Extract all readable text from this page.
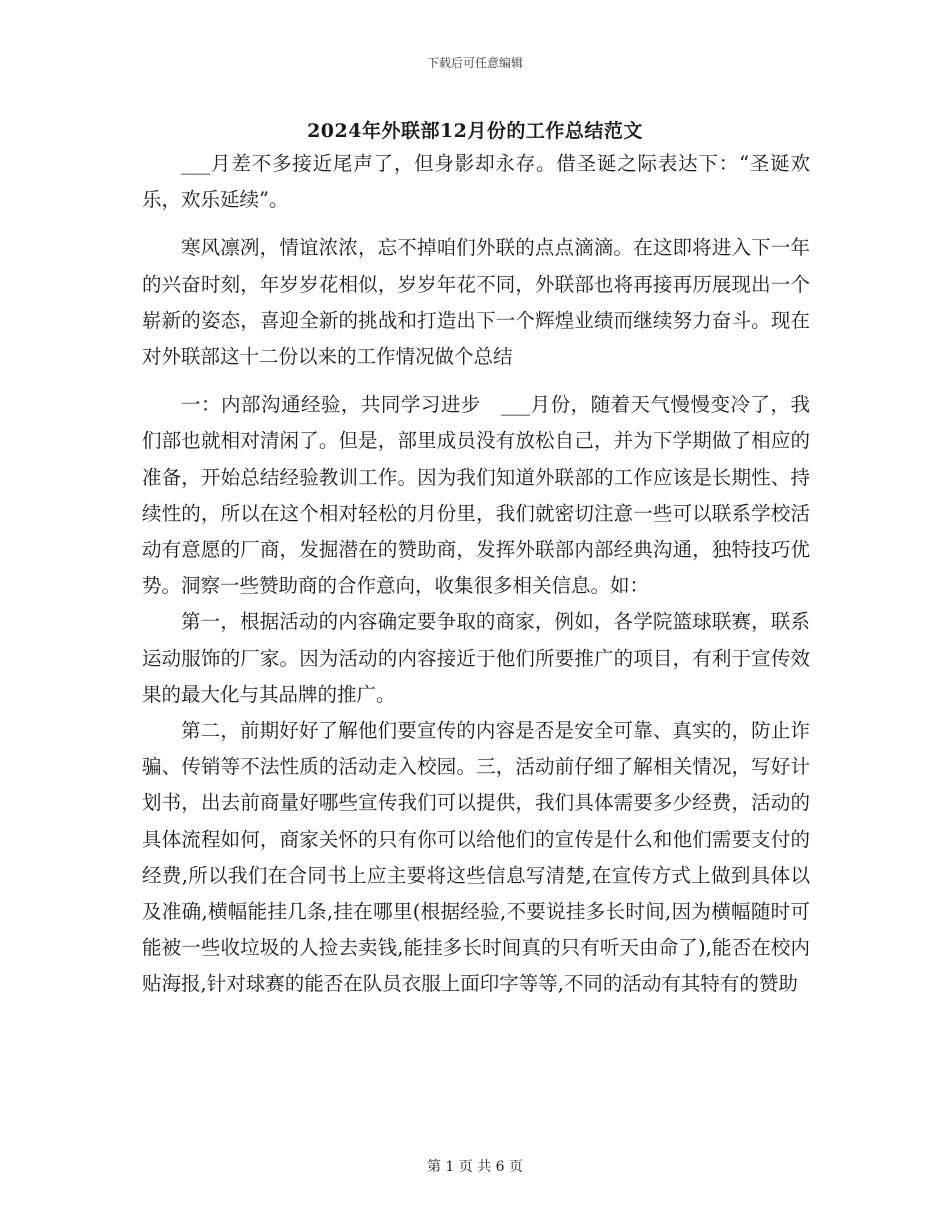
下载后可任意编辑
2024年外联部12月份的工作总结范文

___月差不多接近尾声了，但身影却永存。借圣诞之际表达下：“圣诞欢乐，欢乐延续”。

寒风凛冽，情谊浓浓，忘不掉咱们外联的点点滴滴。在这即将进入下一年的兴奋时刻，年岁岁花相似，岁岁年花不同，外联部也将再接再历展现出一个崭新的姿态，喜迎全新的挑战和打造出下一个辉煌业绩而继续努力奋斗。现在对外联部这十二份以来的工作情况做个总结

一：内部沟通经验，共同学习进步　___月份，随着天气慢慢变冷了，我们部也就相对清闲了。但是，部里成员没有放松自己，并为下学期做了相应的准备，开始总结经验教训工作。因为我们知道外联部的工作应该是长期性、持续性的，所以在这个相对轻松的月份里，我们就密切注意一些可以联系学校活动有意愿的厂商，发掘潜在的赞助商，发挥外联部内部经典沟通，独特技巧优势。洞察一些赞助商的合作意向，收集很多相关信息。如：

第一，根据活动的内容确定要争取的商家，例如，各学院篮球联赛，联系运动服饰的厂家。因为活动的内容接近于他们所要推广的项目，有利于宣传效果的最大化与其品牌的推广。

第二，前期好好了解他们要宣传的内容是否是安全可靠、真实的，防止诈骗、传销等不法性质的活动走入校园。三，活动前仔细了解相关情况，写好计划书，出去前商量好哪些宣传我们可以提供，我们具体需要多少经费，活动的具体流程如何，商家关怀的只有你可以给他们的宣传是什么和他们需要支付的经费,所以我们在合同书上应主要将这些信息写清楚,在宣传方式上做到具体以及准确,横幅能挂几条,挂在哪里(根据经验,不要说挂多长时间,因为横幅随时可能被一些收垃圾的人捡去卖钱,能挂多长时间真的只有听天由命了),能否在校内贴海报,针对球赛的能否在队员衣服上面印字等等,不同的活动有其特有的赞助

第 1 页 共 6 页
